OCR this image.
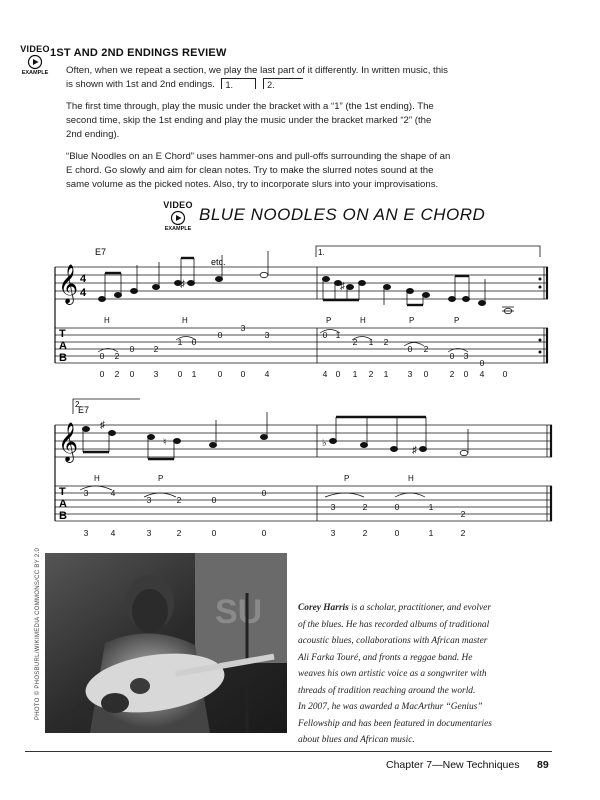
VIDEO
EXAMPLE
1ST AND 2ND ENDINGS REVIEW
Often, when we repeat a section, we play the last part of it differently. In written music, this
is shown with 1st and 2nd endings. 1.	2.
The first time through, play the music under the bracket with a “1” (the 1st ending). The
second time, skip the 1st ending and play the music under the bracket marked “2” (the
2nd ending).
“Blue Noodles on an E Chord” uses hammer-ons and pull-offs surrounding the shape of an
E chord. Go slowly and aim for clean notes. Try to make the slurred notes sound at the
same volume as the picked notes. Also, try to incorporate slurs into your improvisations.
VIDEO
EXAMPLE
BLUE NOODLES ON AN E CHORD
𝄞
𝄞
4
4
T
A
B
T
A
B
E7
E7
etc.
1.
2.
♯	♯
♯
♮	♭
♯
H	H	P	H	P	P
0 2
0 2
1 0
0
3
3	0 1
2 1 2
0 2
0 3
0
0 2 0 3 0 1	0 0 4	4 0 1 2 1 3 0	2 0 4 0
H	P	P	H
3	4
3	2	0
0
3	2	0	1
2
3	4	3	2	0	0	3	2	0	1	2
PHOTO © PHOSBURL/WIKIMEDIA COMMONS/CC BY 2.0	SU	Corey Harris is a scholar, practitioner, and evolver
of the blues. He has recorded albums of traditional
acoustic blues, collaborations with African master
Ali Farka Touré, and fronts a reggae band. He
weaves his own artistic voice as a songwriter with
threads of tradition reaching around the world.
In 2007, he was awarded a MacArthur “Genius”
Fellowship and has been featured in documentaries
about blues and African music.
Chapter 7—New Techniques 89
